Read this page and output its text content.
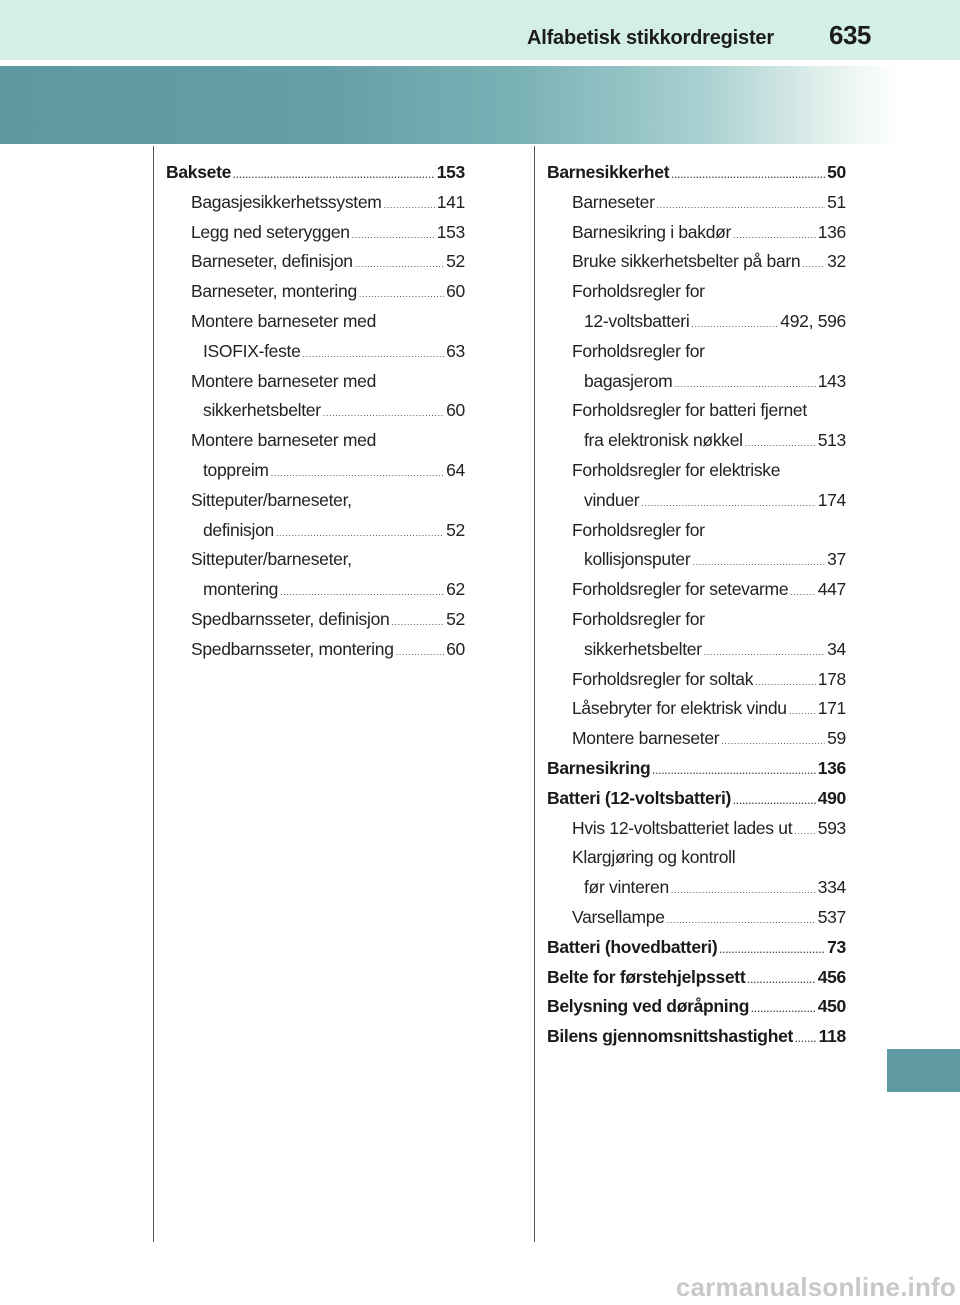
Alfabetisk stikkordregister 635
Baksete .....	153
Bagasjesikkerhetssystem .....	141
Legg ned seteryggen .....	153
Barneseter, definisjon .....	52
Barneseter, montering .....	60
Montere barneseter med
ISOFIX-feste .....	63
Montere barneseter med
sikkerhetsbelter .....	60
Montere barneseter med
toppreim .....	64
Sitteputer/barneseter,
definisjon .....	52
Sitteputer/barneseter,
montering .....	62
Spedbarnsseter, definisjon .....	52
Spedbarnsseter, montering .....	60
Barnesikkerhet .....	50
Barneseter .....	51
Barnesikring i bakdør .....	136
Bruke sikkerhetsbelter på barn ..... 32
Forholdsregler for
12-voltsbatteri .....	492, 596
Forholdsregler for
bagasjerom .....	143
Forholdsregler for batteri fjernet
fra elektronisk nøkkel .....	513
Forholdsregler for elektriske
vinduer .....	174
Forholdsregler for
kollisjonsputer .....	37
Forholdsregler for setevarme ..... 447
Forholdsregler for
sikkerhetsbelter .....	34
Forholdsregler for soltak .....	178
Låsebryter for elektrisk vindu ..... 171
Montere barneseter .....	59
Barnesikring .....	136
Batteri (12-voltsbatteri) .....	490
Hvis 12-voltsbatteriet lades ut ..... 593
Klargjøring og kontroll
før vinteren .....	334
Varsellampe .....	537
Batteri (hovedbatteri) .....	73
Belte for førstehjelpssett .....	456
Belysning ved døråpning .....	450
Bilens gjennomsnittshastighet ..... 118
carmanualsonline.info
